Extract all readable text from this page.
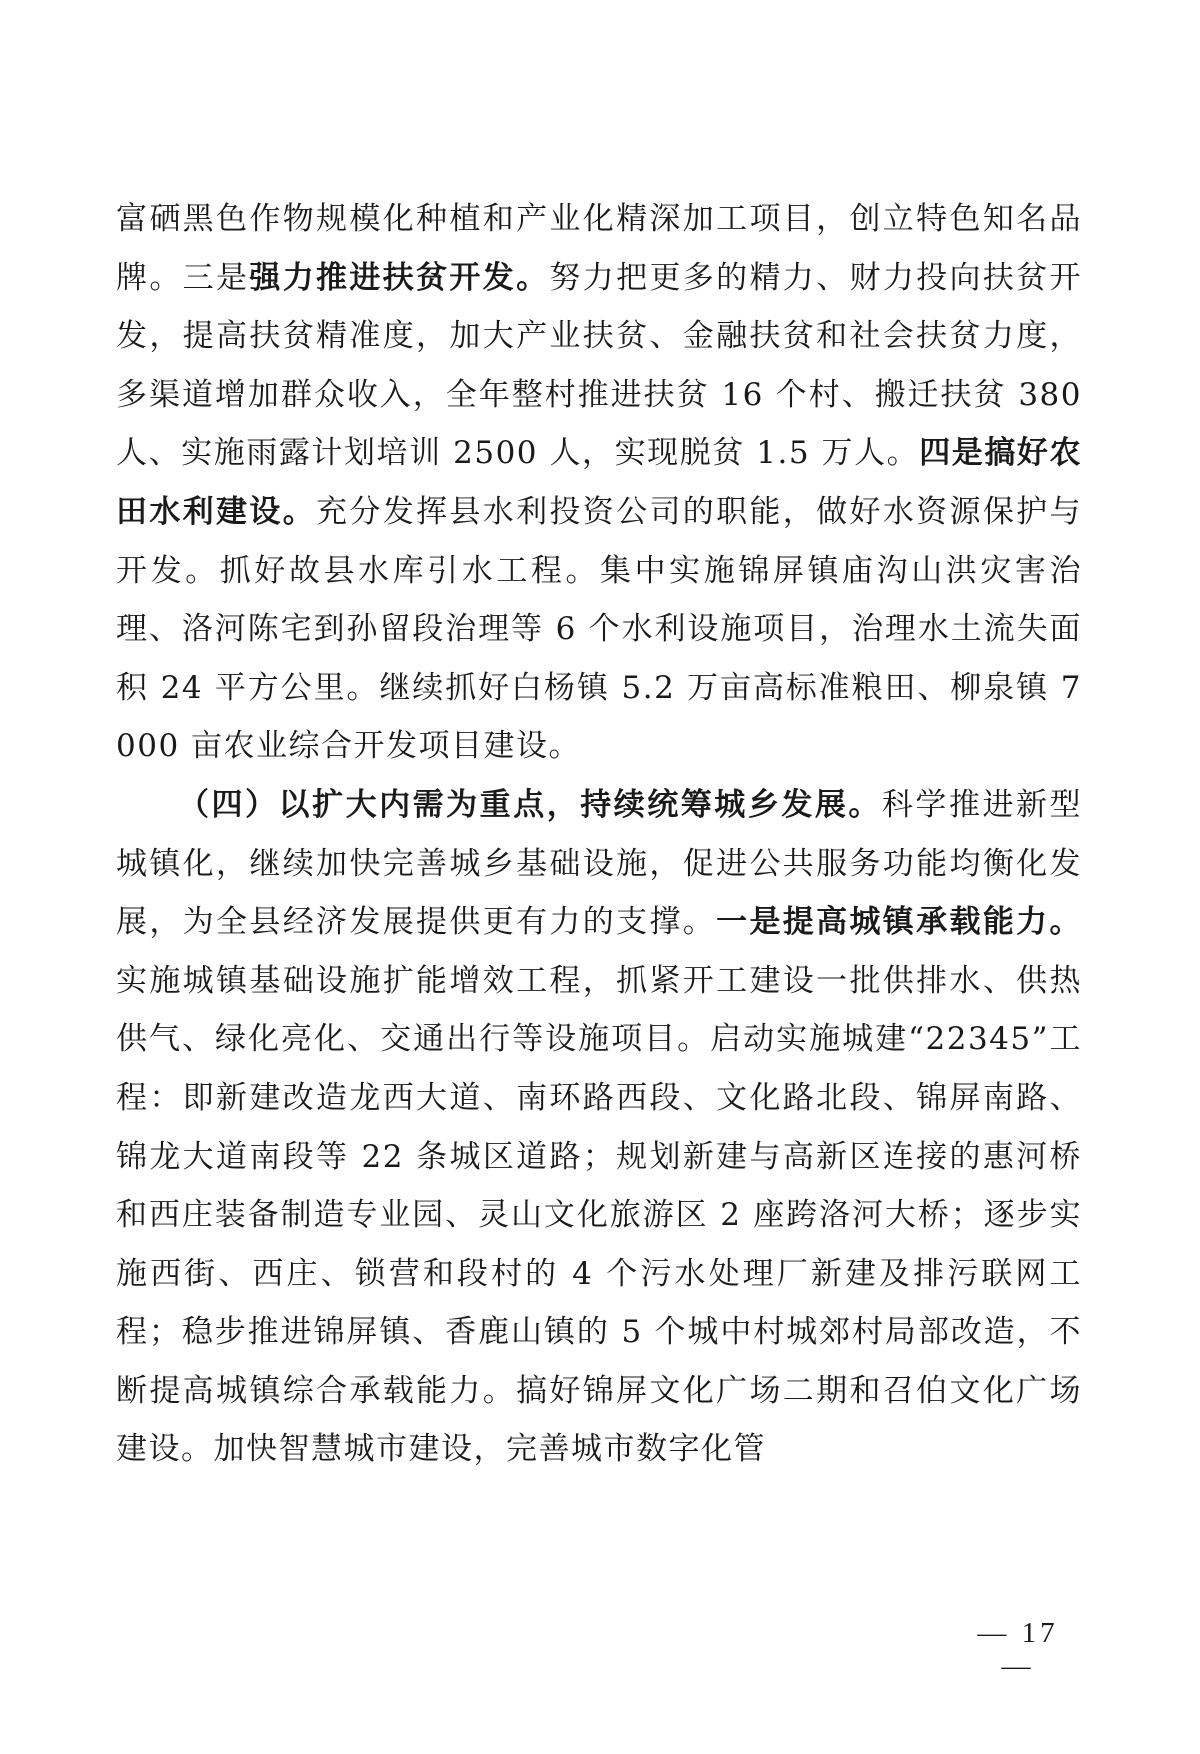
富硒黑色作物规模化种植和产业化精深加工项目，创立特色知名品牌。三是强力推进扶贫开发。努力把更多的精力、财力投向扶贫开发，提高扶贫精准度，加大产业扶贫、金融扶贫和社会扶贫力度，多渠道增加群众收入，全年整村推进扶贫 16 个村、搬迁扶贫 380 人、实施雨露计划培训 2500 人，实现脱贫 1.5 万人。四是搞好农田水利建设。充分发挥县水利投资公司的职能，做好水资源保护与开发。抓好故县水库引水工程。集中实施锦屏镇庙沟山洪灾害治理、洛河陈宅到孙留段治理等 6 个水利设施项目，治理水土流失面积 24 平方公里。继续抓好白杨镇 5.2 万亩高标准粮田、柳泉镇 7000 亩农业综合开发项目建设。

（四）以扩大内需为重点，持续统筹城乡发展。科学推进新型城镇化，继续加快完善城乡基础设施，促进公共服务功能均衡化发展，为全县经济发展提供更有力的支撑。一是提高城镇承载能力。实施城镇基础设施扩能增效工程，抓紧开工建设一批供排水、供热供气、绿化亮化、交通出行等设施项目。启动实施城建“22345”工程：即新建改造龙西大道、南环路西段、文化路北段、锦屏南路、锦龙大道南段等 22 条城区道路；规划新建与高新区连接的惠河桥和西庄装备制造专业园、灵山文化旅游区 2 座跨洛河大桥；逐步实施西街、西庄、锁营和段村的 4 个污水处理厂新建及排污联网工程；稳步推进锦屏镇、香鹿山镇的 5 个城中村城郊村局部改造，不断提高城镇综合承载能力。搞好锦屏文化广场二期和召伯文化广场建设。加快智慧城市建设，完善城市数字化管

— 17 —
